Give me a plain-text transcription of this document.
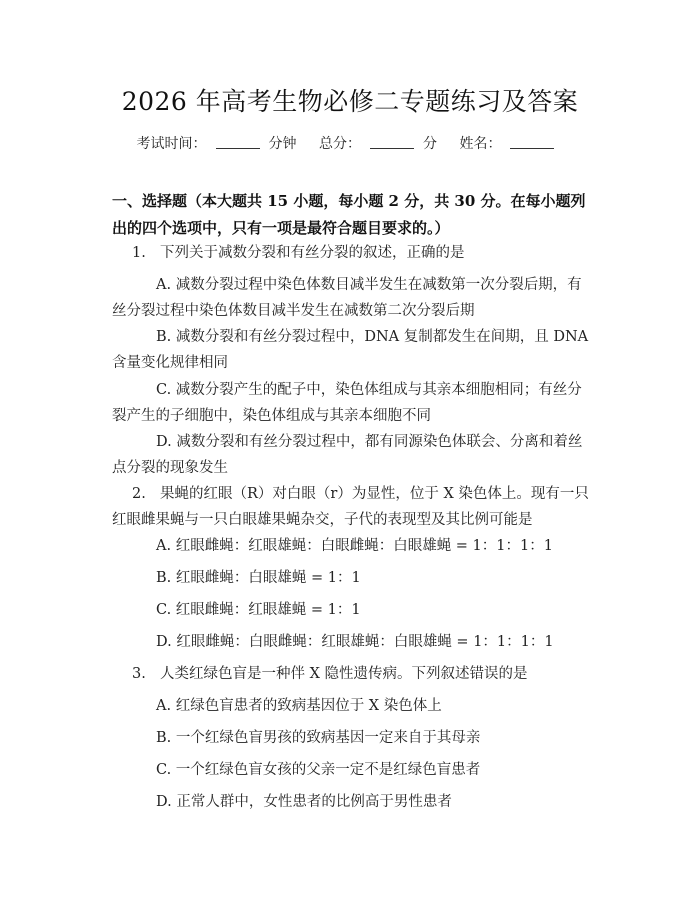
2026 年高考生物必修二专题练习及答案
考试时间：	分钟 总分：	分 姓名：
一、选择题（本大题共 15 小题，每小题 2 分，共 30 分。在每小题列出的四个选项中，只有一项是最符合题目要求的。）
1. 下列关于减数分裂和有丝分裂的叙述，正确的是
A. 减数分裂过程中染色体数目减半发生在减数第一次分裂后期，有丝分裂过程中染色体数目减半发生在减数第二次分裂后期
B. 减数分裂和有丝分裂过程中，DNA 复制都发生在间期，且 DNA 含量变化规律相同
C. 减数分裂产生的配子中，染色体组成与其亲本细胞相同；有丝分裂产生的子细胞中，染色体组成与其亲本细胞不同
D. 减数分裂和有丝分裂过程中，都有同源染色体联会、分离和着丝点分裂的现象发生
2. 果蝇的红眼（R）对白眼（r）为显性，位于 X 染色体上。现有一只红眼雌果蝇与一只白眼雄果蝇杂交，子代的表现型及其比例可能是
A. 红眼雌蝇：红眼雄蝇：白眼雌蝇：白眼雄蝇 = 1：1：1：1
B. 红眼雌蝇：白眼雄蝇 = 1：1
C. 红眼雌蝇：红眼雄蝇 = 1：1
D. 红眼雌蝇：白眼雌蝇：红眼雄蝇：白眼雄蝇 = 1：1：1：1
3. 人类红绿色盲是一种伴 X 隐性遗传病。下列叙述错误的是
A. 红绿色盲患者的致病基因位于 X 染色体上
B. 一个红绿色盲男孩的致病基因一定来自于其母亲
C. 一个红绿色盲女孩的父亲一定不是红绿色盲患者
D. 正常人群中，女性患者的比例高于男性患者
